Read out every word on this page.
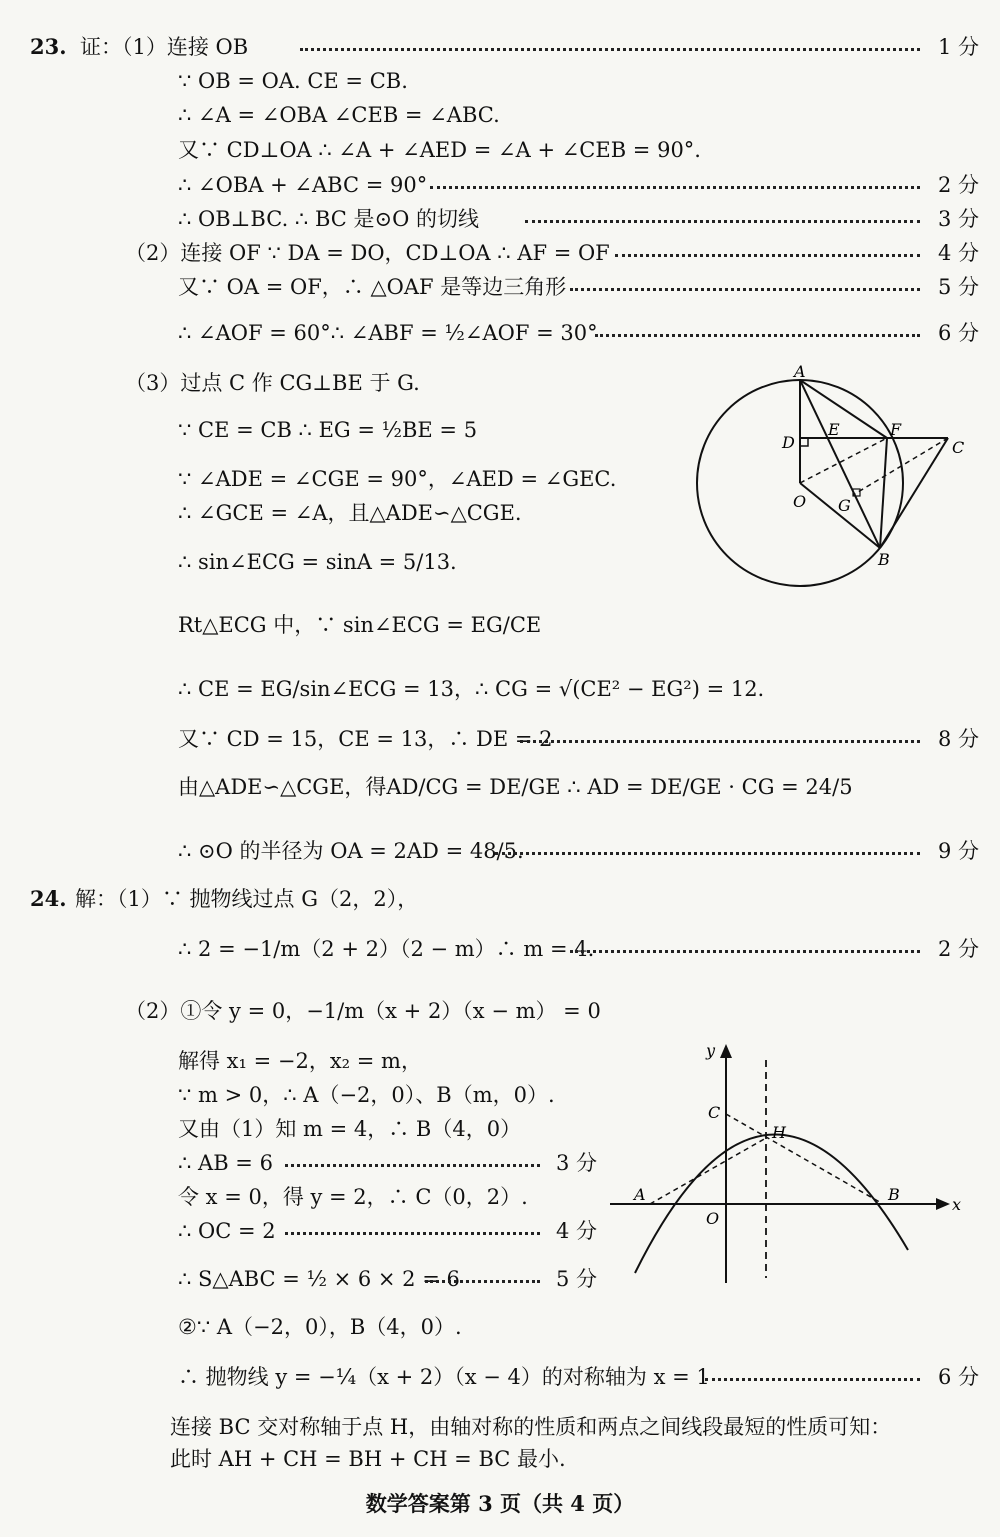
23. 证：（1）连接 OB	1 分
∵ OB = OA. CE = CB.
∴ ∠A = ∠OBA ∠CEB = ∠ABC.
又∵ CD⊥OA ∴ ∠A + ∠AED = ∠A + ∠CEB = 90°.
∴ ∠OBA + ∠ABC = 90°	2 分
∴ OB⊥BC. ∴ BC 是⊙O 的切线	3 分
（2）连接 OF ∵ DA = DO，CD⊥OA ∴ AF = OF	4 分
又∵ OA = OF，∴ △OAF 是等边三角形	5 分
∴ ∠AOF = 60°∴ ∠ABF = ½∠AOF = 30°	6 分
（3）过点 C 作 CG⊥BE 于 G.
∵ CE = CB ∴ EG = ½BE = 5
∵ ∠ADE = ∠CGE = 90°，∠AED = ∠GEC.
∴ ∠GCE = ∠A，且△ADE∽△CGE.
∴ sin∠ECG = sinA = 5/13.
Rt△ECG 中，∵ sin∠ECG = EG/CE
∴ CE = EG/sin∠ECG = 13，∴ CG = √(CE² − EG²) = 12.
又∵ CD = 15，CE = 13，∴ DE = 2	8 分
由△ADE∽△CGE，得AD/CG = DE/GE ∴ AD = DE/GE · CG = 24/5
∴ ⊙O 的半径为 OA = 2AD = 48/5.	9 分
A
D
E	F
C
O G
B
24. 解：（1）∵ 抛物线过点 G（2，2），
∴ 2 = −1/m（2 + 2）（2 − m）∴ m = 4.	2 分
（2）①令 y = 0，−1/m（x + 2）（x − m） = 0
解得 x₁ = −2，x₂ = m，
∵ m > 0，∴ A（−2，0）、B（m，0）.
又由（1）知 m = 4，∴ B（4，0）
∴ AB = 6	3 分
令 x = 0，得 y = 2，∴ C（0，2）.
∴ OC = 2	4 分
∴ S△ABC = ½ × 6 × 2 = 6	5 分
②∵ A（−2，0），B（4，0）.
∴ 抛物线 y = −¼（x + 2）（x − 4）的对称轴为 x = 1	6 分
连接 BC 交对称轴于点 H，由轴对称的性质和两点之间线段最短的性质可知：
此时 AH + CH = BH + CH = BC 最小.
y
x
A	B
C
H
O
数学答案第 3 页（共 4 页）
